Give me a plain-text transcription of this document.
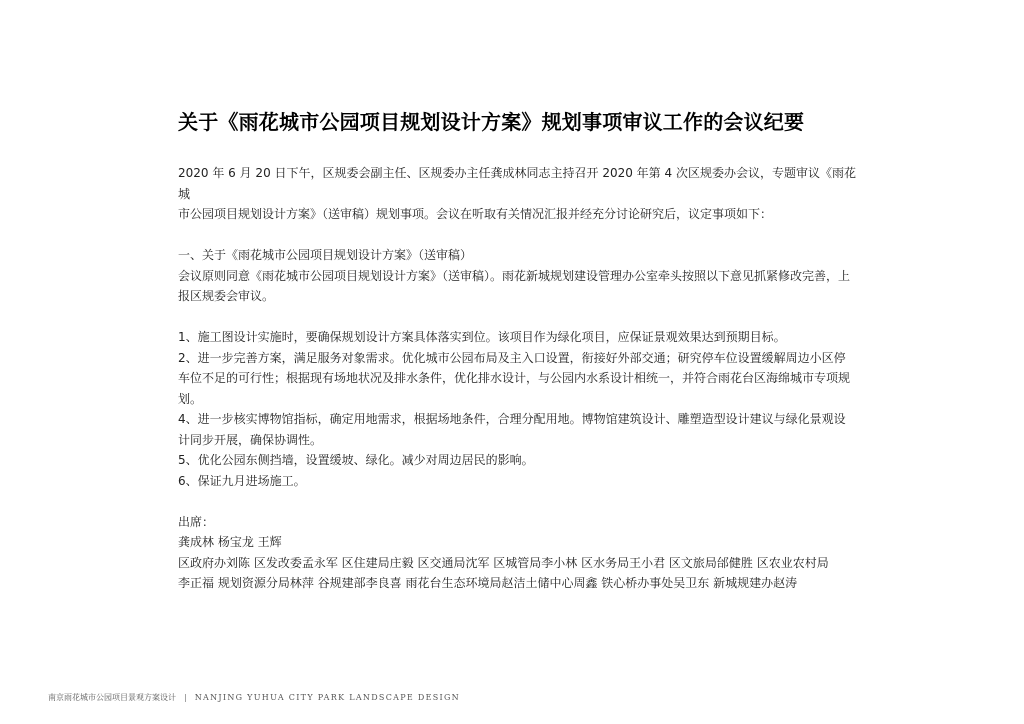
关于《雨花城市公园项目规划设计方案》规划事项审议工作的会议纪要

2020 年 6 月 20 日下午，区规委会副主任、区规委办主任龚成林同志主持召开 2020 年第 4 次区规委办会议，专题审议《雨花城

市公园项目规划设计方案》（送审稿）规划事项。会议在听取有关情况汇报并经充分讨论研究后，议定事项如下：

一、关于《雨花城市公园项目规划设计方案》（送审稿）

会议原则同意《雨花城市公园项目规划设计方案》（送审稿）。雨花新城规划建设管理办公室牵头按照以下意见抓紧修改完善，上

报区规委会审议。

1、施工图设计实施时，要确保规划设计方案具体落实到位。该项目作为绿化项目，应保证景观效果达到预期目标。

2、进一步完善方案，满足服务对象需求。优化城市公园布局及主入口设置，衔接好外部交通；研究停车位设置缓解周边小区停

车位不足的可行性；根据现有场地状况及排水条件，优化排水设计，与公园内水系设计相统一，并符合雨花台区海绵城市专项规划。

4、进一步核实博物馆指标，确定用地需求，根据场地条件，合理分配用地。博物馆建筑设计、雕塑造型设计建议与绿化景观设

计同步开展，确保协调性。

5、优化公园东侧挡墙，设置缓坡、绿化。减少对周边居民的影响。

6、保证九月进场施工。

出席：

龚成林 杨宝龙 王辉

区政府办刘陈 区发改委孟永军 区住建局庄毅 区交通局沈军 区城管局李小林 区水务局王小君 区文旅局邰健胜 区农业农村局

李正福 规划资源分局林萍 谷规建部李良喜 雨花台生态环境局赵洁土储中心周鑫 铁心桥办事处吴卫东 新城规建办赵涛

南京雨花城市公园项目景观方案设计 | NANJING YUHUA CITY PARK LANDSCAPE DESIGN
